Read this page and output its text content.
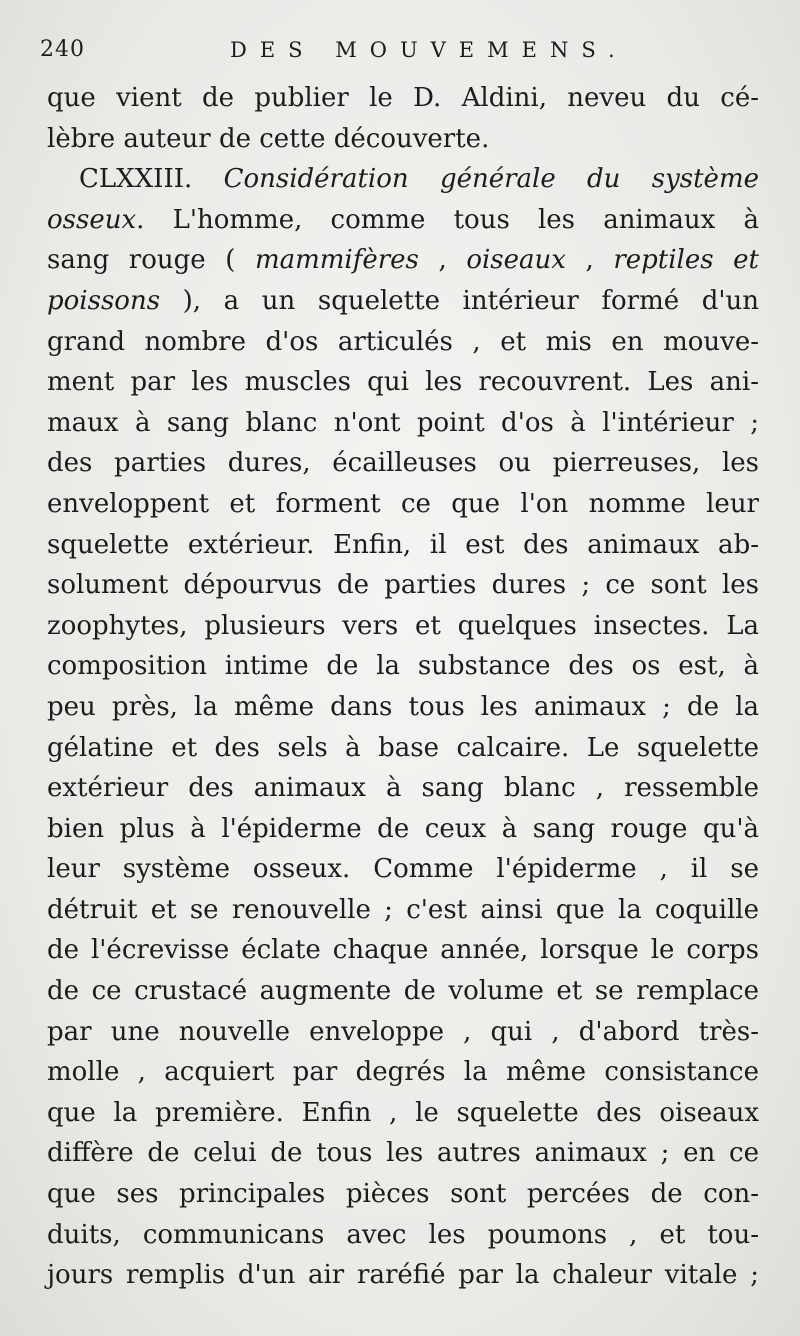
240	DES MOUVEMENS.
que vient de publier le D. Aldini, neveu du cé-
lèbre auteur de cette découverte.
CLXXIII. Considération générale du système
osseux. L'homme, comme tous les animaux à
sang rouge ( mammifères , oiseaux , reptiles et
poissons ), a un squelette intérieur formé d'un
grand nombre d'os articulés , et mis en mouve-
ment par les muscles qui les recouvrent. Les ani-
maux à sang blanc n'ont point d'os à l'intérieur ;
des parties dures, écailleuses ou pierreuses, les
enveloppent et forment ce que l'on nomme leur
squelette extérieur. Enfin, il est des animaux ab-
solument dépourvus de parties dures ; ce sont les
zoophytes, plusieurs vers et quelques insectes. La
composition intime de la substance des os est, à
peu près, la même dans tous les animaux ; de la
gélatine et des sels à base calcaire. Le squelette
extérieur des animaux à sang blanc , ressemble
bien plus à l'épiderme de ceux à sang rouge qu'à
leur système osseux. Comme l'épiderme , il se
détruit et se renouvelle ; c'est ainsi que la coquille
de l'écrevisse éclate chaque année, lorsque le corps
de ce crustacé augmente de volume et se remplace
par une nouvelle enveloppe , qui , d'abord très-
molle , acquiert par degrés la même consistance
que la première. Enfin , le squelette des oiseaux
diffère de celui de tous les autres animaux ; en ce
que ses principales pièces sont percées de con-
duits, communicans avec les poumons , et tou-
jours remplis d'un air raréfié par la chaleur vitale ;
